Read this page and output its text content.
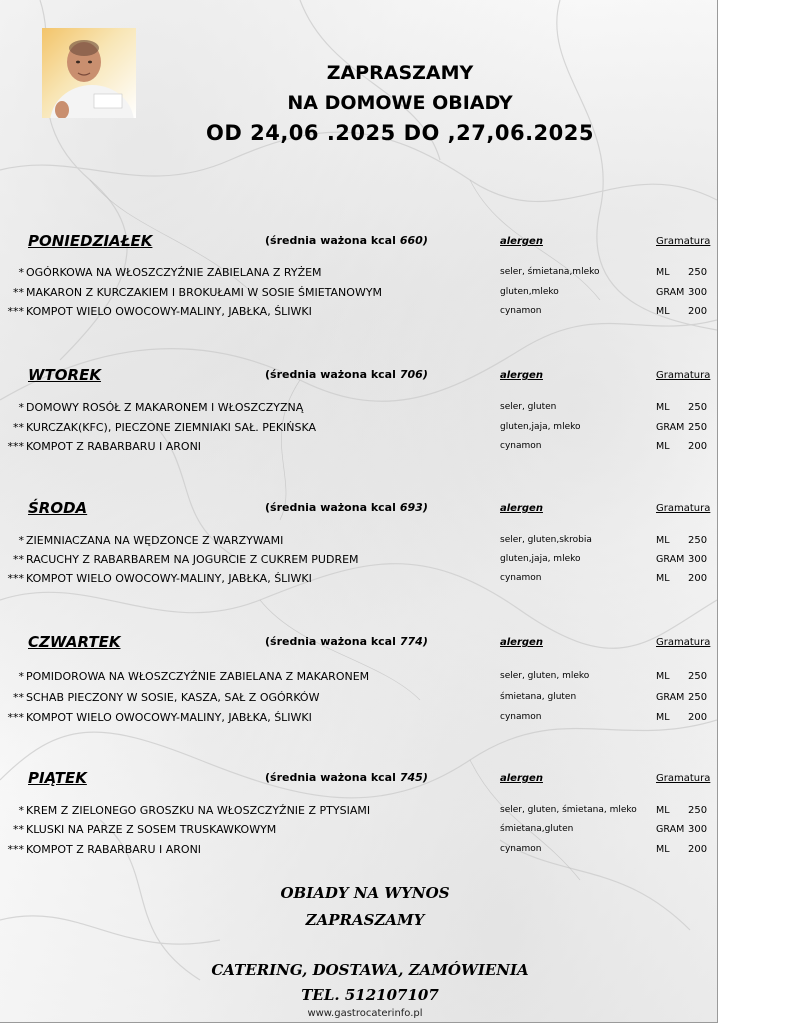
ZAPRASZAMY
NA DOMOWE OBIADY
OD 24,06 .2025 DO ,27,06.2025
PONIEDZIAŁEK	(średnia ważona kcal 660)	alergen	Gramatura
* OGÓRKOWA NA WŁOSZCZYŹNIE ZABIELANA Z RYŻEM	seler, śmietana,mleko	ML 250
** MAKARON Z KURCZAKIEM I BROKUŁAMI W SOSIE ŚMIETANOWYM	gluten,mleko	GRAM 300
*** KOMPOT WIELO OWOCOWY-MALINY, JABŁKA, ŚLIWKI	cynamon	ML 200
WTOREK	(średnia ważona kcal 706)	alergen	Gramatura
* DOMOWY ROSÓŁ Z MAKARONEM I WŁOSZCZYZNĄ	seler, gluten	ML 250
** KURCZAK(KFC), PIECZONE ZIEMNIAKI SAŁ. PEKIŃSKA	gluten,jaja, mleko	GRAM 250
*** KOMPOT Z RABARBARU I ARONI	cynamon	ML 200
ŚRODA	(średnia ważona kcal 693)	alergen	Gramatura
* ZIEMNIACZANA NA WĘDZONCE Z WARZYWAMI	seler, gluten,skrobia	ML 250
** RACUCHY Z RABARBAREM NA JOGURCIE Z CUKREM PUDREM	gluten,jaja, mleko	GRAM 300
*** KOMPOT WIELO OWOCOWY-MALINY, JABŁKA, ŚLIWKI	cynamon	ML 200
CZWARTEK	(średnia ważona kcal 774)	alergen	Gramatura
* POMIDOROWA NA WŁOSZCZYŹNIE ZABIELANA Z MAKARONEM	seler, gluten, mleko	ML 250
** SCHAB PIECZONY W SOSIE, KASZA, SAŁ Z OGÓRKÓW	śmietana, gluten	GRAM 250
*** KOMPOT WIELO OWOCOWY-MALINY, JABŁKA, ŚLIWKI	cynamon	ML 200
PIĄTEK	(średnia ważona kcal 745)	alergen	Gramatura
* KREM Z ZIELONEGO GROSZKU NA WŁOSZCZYŹNIE Z PTYSIAMI	seler, gluten, śmietana, mleko ML 250
** KLUSKI NA PARZE Z SOSEM TRUSKAWKOWYM	śmietana,gluten	GRAM 300
*** KOMPOT Z RABARBARU I ARONI	cynamon	ML 200
OBIADY NA WYNOS
ZAPRASZAMY
CATERING, DOSTAWA, ZAMÓWIENIA
TEL. 512107107
www.gastrocaterinfo.pl
